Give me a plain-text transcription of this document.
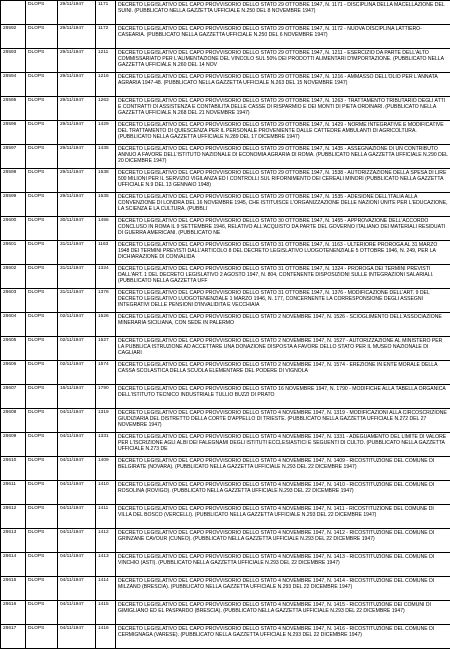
	DLOPS	29/11/1947	1171	DECRETO LEGISLATIVO DEL CAPO PROVVISORIO DELLO STATO 29 OTTOBRE 1947, N. 1171 - DISCIPLINA DELLA MACELLAZIONE DEL SUINI. (PUBBLICATO NELLA GAZZETTA UFFICIALE N.250 DEL 8 NOVEMBRE 1947)
28592	DLOPS	29/11/1947	1172	DECRETO LEGISLATIVO DEL CAPO PROVVISORIO DELLO STATO 29 OTTOBRE 1947, N. 1172 - NUOVA DISCIPLINA LATTIERO-CASEARIA. (PUBBLICATO NELLA GAZZETTA UFFICIALE N.250 DEL 6 NOVEMBRE 1947)
28593	DLOPS	29/11/1947	1211	DECRETO LEGISLATIVO DEL CAPO PROVVISORIO DELLO STATO 29 OTTOBRE 1947, N. 1211 - ESERCIZIO DA PARTE DELL'ALTO COMMISSARIATO PER L'ALIMENTAZIONE DEL VINCOLO SUL 50% DEI PRODOTTI ALIMENTARI D'IMPORTAZIONE. (PUBBLICATO NELLA GAZZETTA UFFICIALE N.260 DEL 14 NOV
28594	DLOPS	29/11/1947	1216	DECRETO LEGISLATIVO DEL CAPO PROVVISORIO DELLO STATO 29 OTTOBRE 1947, N. 1216 - AMMASSO DELL'OLIO PER L'ANNATA AGRARIA 1947-48. (PUBBLICATO NELLA GAZZETTA UFFICIALE N.263 DEL 15 NOVEMBRE 1947)
28595	DLOPS	29/11/1947	1263	DECRETO LEGISLATIVO DEL CAPO PROVVISORIO DELLO STATO 29 OTTOBRE 1947, N. 1263 - TRATTAMENTO TRIBUTARIO DEGLI ATTI E CONTRATTI DI ASSISTENZA E CONTABILITA DELLE CASSE DI RISPARMIO E DEI MONTI DI PIETA ORDINARI. (PUBBLICATO NELLA GAZZETTA UFFICIALE N.268 DEL 21 NOVEMBRE 1947)
28596	DLOPS	29/11/1947	1429	DECRETO LEGISLATIVO DEL CAPO PROVVISORIO DELLO STATO 29 OTTOBRE 1947, N. 1429 - NORME INTEGRATIVE E MODIFICATIVE DEL TRATTAMENTO DI QUIESCENZA PER IL PERSONALE PROVENIENTE DALLE CATTEDRE AMBULANTI DI AGRICOLTURA. (PUBBLICATO NELLA GAZZETTA UFFICIALE N.289 DEL 17 DICEMBRE 1947)
28597	DLOPS	29/11/1947	1435	DECRETO LEGISLATIVO DEL CAPO PROVVISORIO DELLO STATO 29 OTTOBRE 1947, N. 1435 - ASSEGNAZIONE DI UN CONTRIBUTO ANNUO A FAVORE DELL'ISTITUTO NAZIONALE DI ECONOMIA AGRARIA DI ROMA. (PUBBLICATO NELLA GAZZETTA UFFICIALE N.290 DEL 20 DICEMBRE 1947)
28598	DLOPS	29/11/1947	1538	DECRETO LEGISLATIVO DEL CAPO PROVVISORIO DELLO STATO 29 OTTOBRE 1947, N. 1538 - AUTORIZZAZIONE DELLA SPESA DI LIRE 500 MILIONI PER IL SERVIZIO VIGILANZA ED I CONTROLLI SUL RIFORNIMENTO DEI CEREALI MINORI (PUBBLICATO NELLA GAZZETTA UFFICIALE N.9 DEL 13 GENNAIO 1948)
28599	DLOPS	29/11/1947	1535	DECRETO LEGISLATIVO DEL CAPO PROVVISORIO DELLO STATO 29 OTTOBRE 1947, N. 1535 - ADESIONE DELL'ITALIA ALLA CONVENZIONE DI LONDRA DEL 16 NOVEMBRE 1945, CHE ISTITUISCE L'ORGANIZZAZIONE DELLE NAZIONI UNITE PER L'EDUCAZIONE, LA SCIENZA E LA CULTURA. (PUBBLI
28600	DLOPS	30/11/1947	1455	DECRETO LEGISLATIVO DEL CAPO PROVVISORIO DELLO STATO 30 OTTOBRE 1947, N. 1455 - APPROVAZIONE DELL'ACCORDO CONCLUSO IN ROMA IL 9 SETTEMBRE 1946, RELATIVO ALL'ACQUISTO DA PARTE DEL GOVERNO ITALIANO DEI MATERIALI RESIDUATI DI GUERRA AMERICANI. (PUBBLICATO NE
28601	DLOPS	31/11/1947	1163	DECRETO LEGISLATIVO DEL CAPO PROVVISORIO DELLO STATO 31 OTTOBRE 1947, N. 1163 - ULTERIORE PROROGA AL 31 MARZO 1948 DEI TERMINI PREVISTI DALL'ARTICOLO 8 DEL DECRETO LEGISLATIVO LUOGOTENENZIALE 5 OTTOBRE 1946, N. 249, PER LA DICHIARAZIONE DI CONVALIDA
28602	DLOPS	31/11/1947	1324	DECRETO LEGISLATIVO DEL CAPO PROVVISORIO DELLO STATO 31 OTTOBRE 1947, N. 1324 - PROROGA DEI TERMINI PREVISTI DALL'ART. 1 DEL DECRETO LEGISLATIVO 2 AGOSTO 1947, N. 804, CONTENENTE DISPOSIZIONI SULLE INTEGRAZIONI SALARIALI. (PUBBLICATO NELLA GAZZETTA UFF
28603	DLOPS	31/11/1947	1376	DECRETO LEGISLATIVO DEL CAPO PROVVISORIO DELLO STATO 31 OTTOBRE 1947, N. 1376 - MODIFICAZIONE DELL'ART. 9 DEL DECRETO LEGISLATIVO LUOGOTENENZIALE 1 MARZO 1946, N. 177, CONCERNENTE LA CORRESPONSIONE DEGLI ASSEGNI INTEGRATIVI DELLE PENSIONI D'INVALIDITA E VECCHIAIA
28604	DLOPS	02/11/1947	1526	DECRETO LEGISLATIVO DEL CAPO PROVVISORIO DELLO STATO 2 NOVEMBRE 1947, N. 1526 - SCIOGLIMENTO DELL'ASSOCIAZIONE MINERARIA SICILIANA, CON SEDE IN PALERMO
28605	DLOPS	02/11/1947	1527	DECRETO LEGISLATIVO DEL CAPO PROVVISORIO DELLO STATO 2 NOVEMBRE 1947, N. 1527 - AUTORIZZAZIONE AL MINISTERO PER LA PUBBLICA ISTRUZIONE AD ACCETTARE UNA DONAZIONE DISPOSTA A FAVORE DELLO STATO PER IL MUSEO NAZIONALE DI CAGLIARI
28606	DLOPS	02/11/1947	1574	DECRETO LEGISLATIVO DEL CAPO PROVVISORIO DELLO STATO 2 NOVEMBRE 1947, N. 1574 - EREZIONE IN ENTE MORALE DELLA CASSA SCOLASTICA DELLA SCUOLA ELEMENTARE DEL PODERE DI VIGNOLA
28607	DLOPS	16/11/1947	1790	DECRETO LEGISLATIVO DEL CAPO PROVVISORIO DELLO STATO 16 NOVEMBRE 1947, N. 1790 - MODIFICHE ALLA TABELLA ORGANICA DELL'ISTITUTO TECNICO INDUSTRIALE TULLIO BUZZI DI PRATO
28608	DLOPS	04/11/1947	1319	DECRETO LEGISLATIVO DEL CAPO PROVVISORIO DELLO STATO 4 NOVEMBRE 1947, N. 1319 - MODIFICAZIONI ALLA CIRCOSCRIZIONE GIUDIZIARIA DEL DISTRETTO DELLA CORTE D'APPELLO DI TRIESTE. (PUBBLICATO NELLA GAZZETTA UFFICIALE N.272 DEL 27 NOVEMBRE 1947)
28609	DLOPS	04/11/1947	1331	DECRETO LEGISLATIVO DEL CAPO PROVVISORIO DELLO STATO 4 NOVEMBRE 1947, N. 1331 - ADEGUAMENTO DEL LIMITE DI VALORE PER L'ISCRIZIONE AGLI ALBI DEI FALEGNAMI DEGLI ISTITUTI ECCLESIASTICI E SEGUENTI DI CULTO. (PUBBLICATO NELLA GAZZETTA UFFICIALE N.273 DE
28610	DLOPS	04/11/1947	1409	DECRETO LEGISLATIVO DEL CAPO PROVVISORIO DELLO STATO 4 NOVEMBRE 1947, N. 1409 - RICOSTITUZIONE DEL COMUNE DI BELGIRATE (NOVARA). (PUBBLICATO NELLA GAZZETTA UFFICIALE N.293 DEL 22 DICEMBRE 1947)
28611	DLOPS	04/11/1947	1410	DECRETO LEGISLATIVO DEL CAPO PROVVISORIO DELLO STATO 4 NOVEMBRE 1947, N. 1410 - RICOSTITUZIONE DEL COMUNE DI ROSOLINA (ROVIGO). (PUBBLICATO NELLA GAZZETTA UFFICIALE N.293 DEL 22 DICEMBRE 1947)
28612	DLOPS	04/11/1947	1411	DECRETO LEGISLATIVO DEL CAPO PROVVISORIO DELLO STATO 4 NOVEMBRE 1947, N. 1411 - RICOSTITUZIONE DEL COMUNE DI VILLA DEL BOSCO (VERCELLI). (PUBBLICATO NELLA GAZZETTA UFFICIALE N.293 DEL 22 DICEMBRE 1947)
28613	DLOPS	04/11/1947	1412	DECRETO LEGISLATIVO DEL CAPO PROVVISORIO DELLO STATO 4 NOVEMBRE 1947, N. 1412 - RICOSTITUZIONE DEL COMUNE DI GRINZANE CAVOUR (CUNEO). (PUBBLICATO NELLA GAZZETTA UFFICIALE N.293 DEL 22 DICEMBRE 1947)
28614	DLOPS	04/11/1947	1413	DECRETO LEGISLATIVO DEL CAPO PROVVISORIO DELLO STATO 4 NOVEMBRE 1947, N. 1413 - RICOSTITUZIONE DEL COMUNE DI VINCHIO (ASTI). (PUBBLICATO NELLA GAZZETTA UFFICIALE N.293 DEL 22 DICEMBRE 1947)
28615	DLOPS	04/11/1947	1414	DECRETO LEGISLATIVO DEL CAPO PROVVISORIO DELLO STATO 4 NOVEMBRE 1947, N. 1414 - RICOSTITUZIONE DEL COMUNE DI MILZANO (BRESCIA). (PUBBLICATO NELLA GAZZETTA UFFICIALE N.293 DEL 22 DICEMBRE 1947)
28616	DLOPS	04/11/1947	1415	DECRETO LEGISLATIVO DEL CAPO PROVVISORIO DELLO STATO 4 NOVEMBRE 1947, N. 1415 - RICOSTITUZIONE DEI COMUNI DI GIMIGLIANO ED EL PASPARDO (BRESCIA). (PUBBLICATO NELLA GAZZETTA UFFICIALE N.293 DEL 22 DICEMBRE 1947)
28617	DLOPS	04/11/1947	1416	DECRETO LEGISLATIVO DEL CAPO PROVVISORIO DELLO STATO 4 NOVEMBRE 1947, N. 1416 - RICOSTITUZIONE DEL COMUNE DI CERMIGNAGA (VARESE). (PUBBLICATO NELLA GAZZETTA UFFICIALE N.293 DEL 22 DICEMBRE 1947)
